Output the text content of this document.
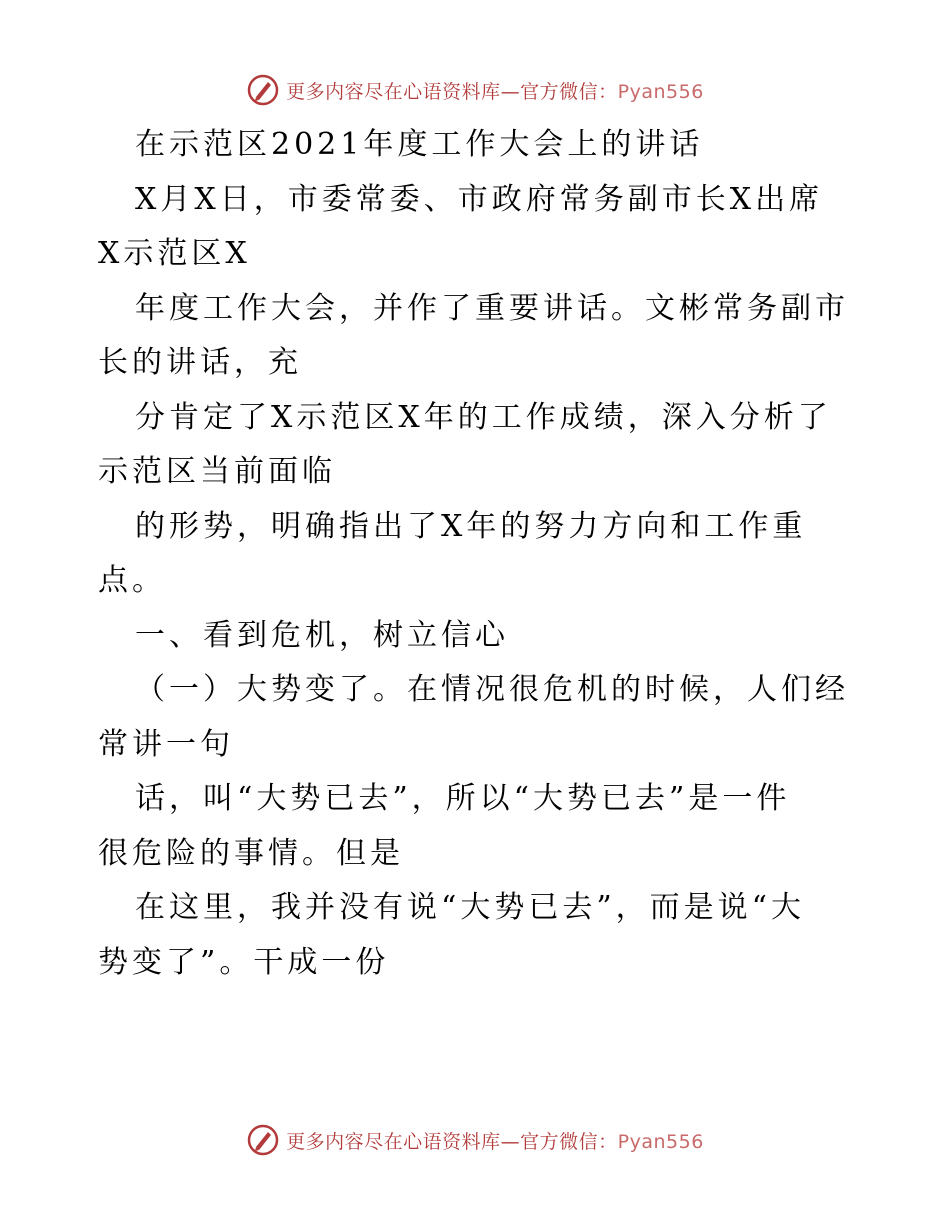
更多内容尽在心语资料库—官方微信：Pyan556
在示范区2021年度工作大会上的讲话
X月X日，市委常委、市政府常务副市长X出席
X示范区X
年度工作大会，并作了重要讲话。文彬常务副市
长的讲话，充
分肯定了X示范区X年的工作成绩，深入分析了
示范区当前面临
的形势，明确指出了X年的努力方向和工作重
点。
一、看到危机，树立信心
（一）大势变了。在情况很危机的时候，人们经
常讲一句
话，叫“大势已去”，所以“大势已去”是一件
很危险的事情。但是
在这里，我并没有说“大势已去”，而是说“大
势变了”。干成一份
更多内容尽在心语资料库—官方微信：Pyan556
